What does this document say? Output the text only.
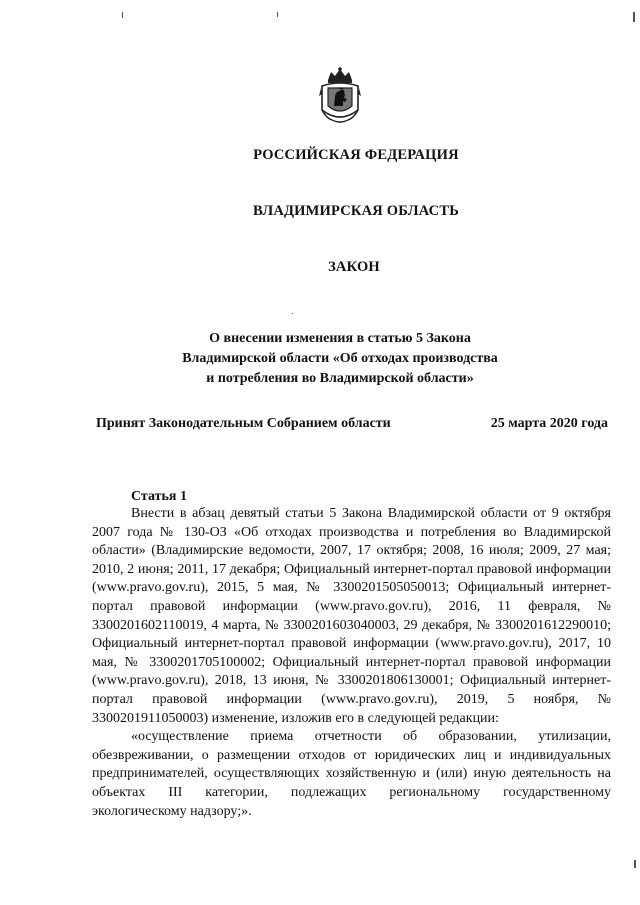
РОССИЙСКАЯ ФЕДЕРАЦИЯ
ВЛАДИМИРСКАЯ ОБЛАСТЬ
ЗАКОН
О внесении изменения в статью 5 Закона
Владимирской области «Об отходах производства
и потребления во Владимирской области»
Принят Законодательным Собранием области	25 марта 2020 года
Статья 1

Внести в абзац девятый статьи 5 Закона Владимирской области от 9 октября 2007 года № 130-ОЗ «Об отходах производства и потребления во Владимирской области» (Владимирские ведомости, 2007, 17 октября; 2008, 16 июля; 2009, 27 мая; 2010, 2 июня; 2011, 17 декабря; Официальный интернет-портал правовой информации (www.pravo.gov.ru), 2015, 5 мая, № 3300201505050013; Официальный интернет-портал правовой информации (www.pravo.gov.ru), 2016, 11 февраля, № 3300201602110019, 4 марта, № 3300201603040003, 29 декабря, № 3300201612290010; Официальный интернет-портал правовой информации (www.pravo.gov.ru), 2017, 10 мая, № 3300201705100002; Официальный интернет-портал правовой информации (www.pravo.gov.ru), 2018, 13 июня, № 3300201806130001; Официальный интернет-портал правовой информации (www.pravo.gov.ru), 2019, 5 ноября, № 3300201911050003) изменение, изложив его в следующей редакции:

«осуществление приема отчетности об образовании, утилизации, обезвреживании, о размещении отходов от юридических лиц и индивидуальных предпринимателей, осуществляющих хозяйственную и (или) иную деятельность на объектах III категории, подлежащих региональному государственному экологическому надзору;».
